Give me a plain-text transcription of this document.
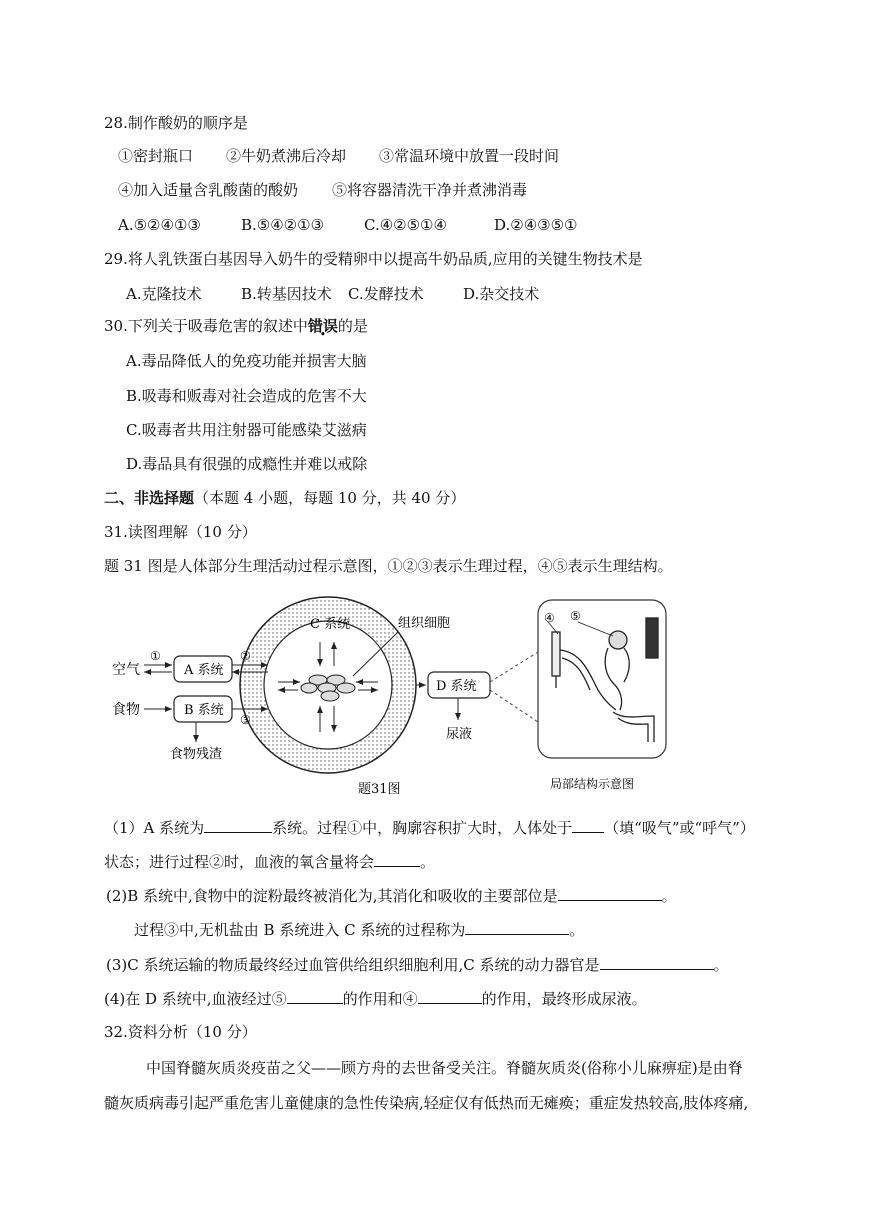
28.制作酸奶的顺序是
①密封瓶口 ②牛奶煮沸后冷却 ③常温环境中放置一段时间
④加入适量含乳酸菌的酸奶 ⑤将容器清洗干净并煮沸消毒
A.⑤②④①③	B.⑤④②①③	C.④②⑤①④	D.②④③⑤①
29.将人乳铁蛋白基因导入奶牛的受精卵中以提高牛奶品质,应用的关键生物技术是
A.克隆技术	B.转基因技术 C.发酵技术	D.杂交技术
30.下列关于吸毒危害的叙述中错误的是
A.毒品降低人的免疫功能并损害大脑
B.吸毒和贩毒对社会造成的危害不大
C.吸毒者共用注射器可能感染艾滋病
D.毒品具有很强的成瘾性并难以戒除
二、非选择题（本题 4 小题，每题 10 分，共 40 分）
31.读图理解（10 分）
题 31 图是人体部分生理活动过程示意图，①②③表示生理过程，④⑤表示生理结构。
C 系统	组织细胞
空气
①
A 系统
②
食物	B 系统
③
食物残渣
D 系统
尿液
④ ⑤
局部结构示意图
题31图
（1）A 系统为	系统。过程①中，胸廓容积扩大时，人体处于 （填“吸气”或“呼气”）
状态；进行过程②时，血液的氧含量将会	。
(2)B 系统中,食物中的淀粉最终被消化为,其消化和吸收的主要部位是	。
过程③中,无机盐由 B 系统进入 C 系统的过程称为	。
(3)C 系统运输的物质最终经过血管供给组织细胞利用,C 系统的动力器官是	。
(4)在 D 系统中,血液经过⑤	的作用和④	的作用，最终形成尿液。
32.资料分析（10 分）
中国脊髓灰质炎疫苗之父——顾方舟的去世备受关注。脊髓灰质炎(俗称小儿麻痹症)是由脊
髓灰质病毒引起严重危害儿童健康的急性传染病,轻症仅有低热而无瘫痪；重症发热较高,肢体疼痛,
